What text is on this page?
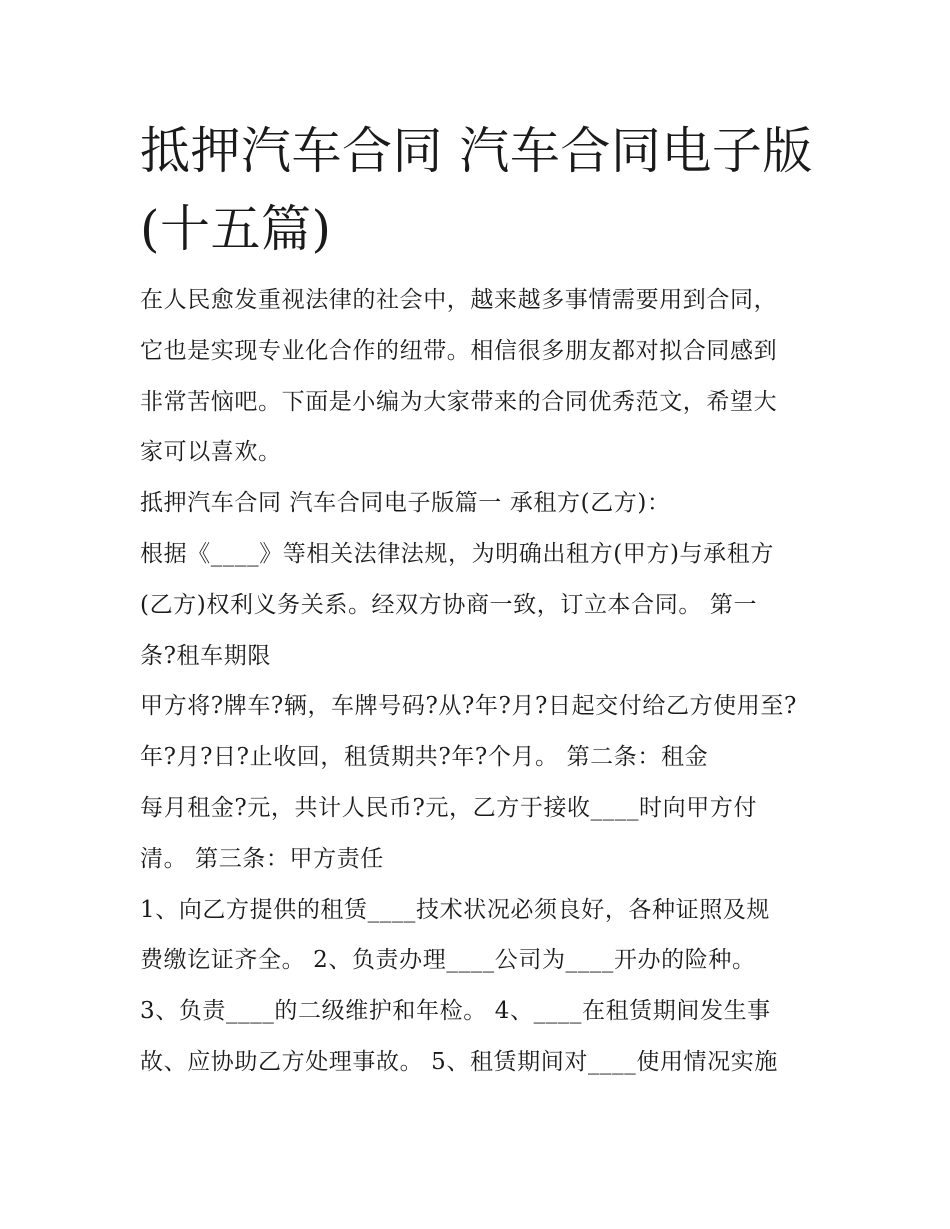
抵押汽车合同 汽车合同电子版
(十五篇)
在人民愈发重视法律的社会中，越来越多事情需要用到合同，
它也是实现专业化合作的纽带。相信很多朋友都对拟合同感到
非常苦恼吧。下面是小编为大家带来的合同优秀范文，希望大
家可以喜欢。
抵押汽车合同 汽车合同电子版篇一 承租方(乙方)：
根据《____》等相关法律法规，为明确出租方(甲方)与承租方
(乙方)权利义务关系。经双方协商一致，订立本合同。 第一
条?租车期限
甲方将?牌车?辆，车牌号码?从?年?月?日起交付给乙方使用至?
年?月?日?止收回，租赁期共?年?个月。 第二条：租金
每月租金?元，共计人民币?元，乙方于接收____时向甲方付
清。 第三条：甲方责任
1、向乙方提供的租赁____技术状况必须良好，各种证照及规
费缴讫证齐全。 2、负责办理____公司为____开办的险种。
3、负责____的二级维护和年检。 4、____在租赁期间发生事
故、应协助乙方处理事故。 5、租赁期间对____使用情况实施
